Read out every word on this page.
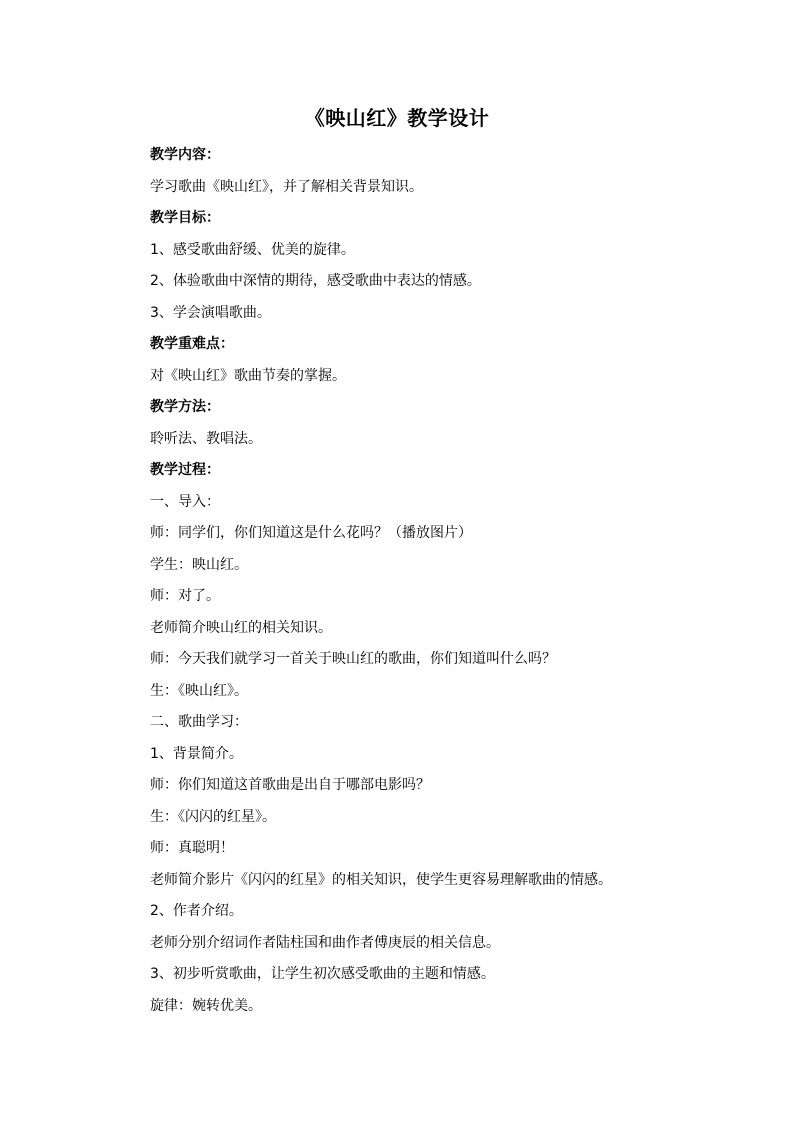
《映山红》教学设计
教学内容：
学习歌曲《映山红》，并了解相关背景知识。
教学目标：
1、感受歌曲舒缓、优美的旋律。
2、体验歌曲中深情的期待，感受歌曲中表达的情感。
3、学会演唱歌曲。
教学重难点：
对《映山红》歌曲节奏的掌握。
教学方法：
聆听法、教唱法。
教学过程：
一、导入：
师：同学们，你们知道这是什么花吗？（播放图片）
学生：映山红。
师：对了。
老师简介映山红的相关知识。
师：今天我们就学习一首关于映山红的歌曲，你们知道叫什么吗？
生：《映山红》。
二、歌曲学习：
1、背景简介。
师：你们知道这首歌曲是出自于哪部电影吗？
生：《闪闪的红星》。
师：真聪明！
老师简介影片《闪闪的红星》的相关知识，使学生更容易理解歌曲的情感。
2、作者介绍。
老师分别介绍词作者陆柱国和曲作者傅庚辰的相关信息。
3、初步听赏歌曲，让学生初次感受歌曲的主题和情感。
旋律：婉转优美。
